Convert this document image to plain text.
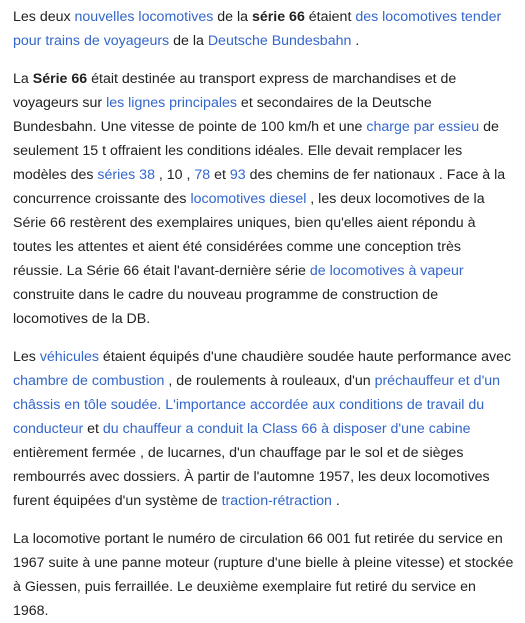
Les deux nouvelles locomotives de la série 66 étaient des locomotives tender pour trains de voyageurs de la Deutsche Bundesbahn .

La Série 66 était destinée au transport express de marchandises et de voyageurs sur les lignes principales et secondaires de la Deutsche Bundesbahn. Une vitesse de pointe de 100 km/h et une charge par essieu de seulement 15 t offraient les conditions idéales. Elle devait remplacer les modèles des séries 38 , 10 , 78 et 93 des chemins de fer nationaux . Face à la concurrence croissante des locomotives diesel , les deux locomotives de la Série 66 restèrent des exemplaires uniques, bien qu'elles aient répondu à toutes les attentes et aient été considérées comme une conception très réussie. La Série 66 était l'avant-dernière série de locomotives à vapeur construite dans le cadre du nouveau programme de construction de locomotives de la DB.

Les véhicules étaient équipés d'une chaudière soudée haute performance avec chambre de combustion , de roulements à rouleaux, d'un préchauffeur et d'un châssis en tôle soudée. L'importance accordée aux conditions de travail du conducteur et du chauffeur a conduit la Class 66 à disposer d'une cabine entièrement fermée , de lucarnes, d'un chauffage par le sol et de sièges rembourrés avec dossiers. À partir de l'automne 1957, les deux locomotives furent équipées d'un système de traction-rétraction .

La locomotive portant le numéro de circulation 66 001 fut retirée du service en 1967 suite à une panne moteur (rupture d'une bielle à pleine vitesse) et stockée à Giessen, puis ferraillée. Le deuxième exemplaire fut retiré du service en 1968.
